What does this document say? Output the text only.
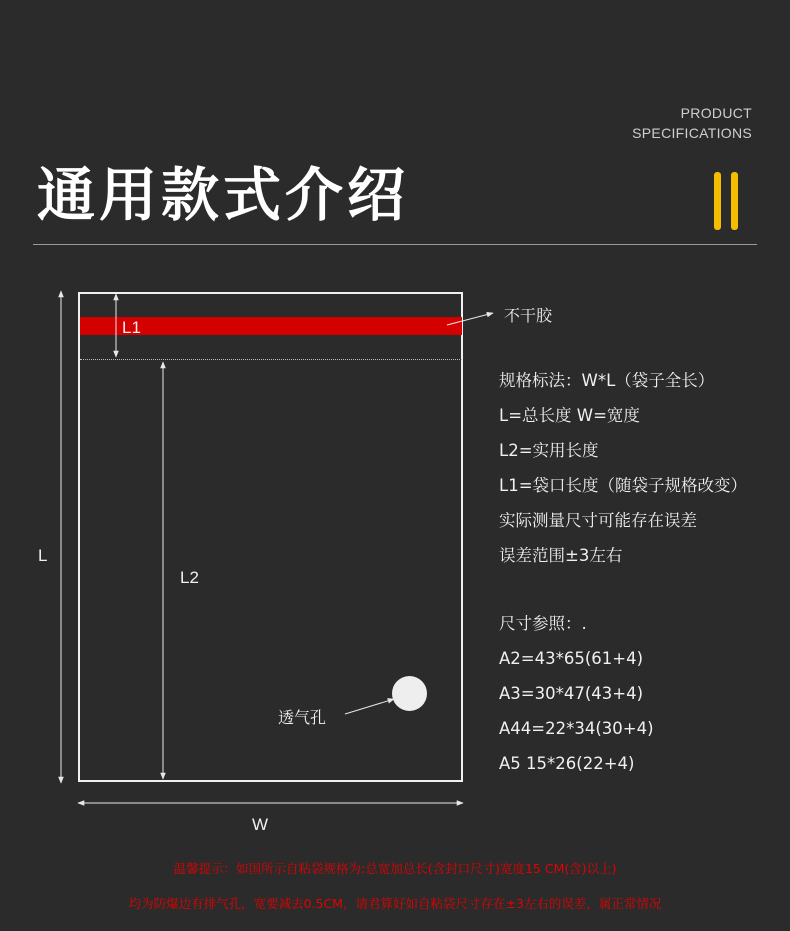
PRODUCT
SPECIFICATIONS
通用款式介绍
L1
L2
L
W
不干胶
透气孔
规格标法：W*L（袋子全长）
L=总长度 W=宽度
L2=实用长度
L1=袋口长度（随袋子规格改变）
实际测量尺寸可能存在误差
误差范围±3左右
尺寸参照：.
A2=43*65(61+4)
A3=30*47(43+4)
A44=22*34(30+4)
A5 15*26(22+4)
温馨提示：如国所示自粘袋规格为:总宽加总长(含封口尺寸)宽度15 CM(含)以上)
均为防爆边有排气孔，宽要减去0.5CM，请君算好如自粘袋尺寸存在±3左右的误差，属正常情况
